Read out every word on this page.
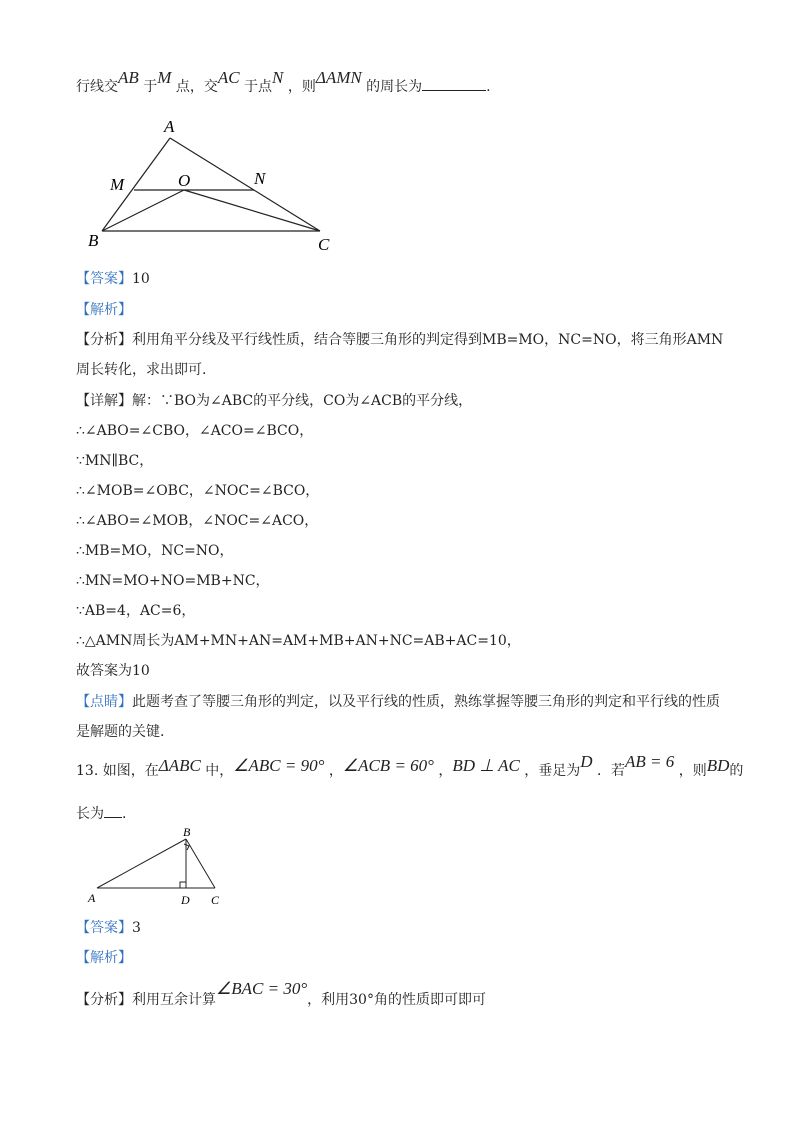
行线交AB 于M 点，交AC 于点N ，则ΔAMN 的周长为	.
A
M	O	N
B	C
【答案】10
【解析】
【分析】利用角平分线及平行线性质，结合等腰三角形的判定得到MB=MO，NC=NO，将三角形AMN
周长转化，求出即可.
【详解】解：∵BO为∠ABC的平分线，CO为∠ACB的平分线，
∴∠ABO=∠CBO，∠ACO=∠BCO，
∵MN∥BC，
∴∠MOB=∠OBC，∠NOC=∠BCO，
∴∠ABO=∠MOB，∠NOC=∠ACO，
∴MB=MO，NC=NO，
∴MN=MO+NO=MB+NC，
∵AB=4，AC=6，
∴△AMN周长为AM+MN+AN=AM+MB+AN+NC=AB+AC=10，
故答案为10
【点睛】此题考查了等腰三角形的判定，以及平行线的性质，熟练掌握等腰三角形的判定和平行线的性质
是解题的关键.
13. 如图，在ΔABC 中，∠ABC = 90° ，∠ACB = 60° ，BD ⊥ AC ，垂足为D ．若AB = 6 ，则BD的
长为 .
A
B
C
D
【答案】3
【解析】
【分析】利用互余计算∠BAC = 30°，利用30°角的性质即可即可
